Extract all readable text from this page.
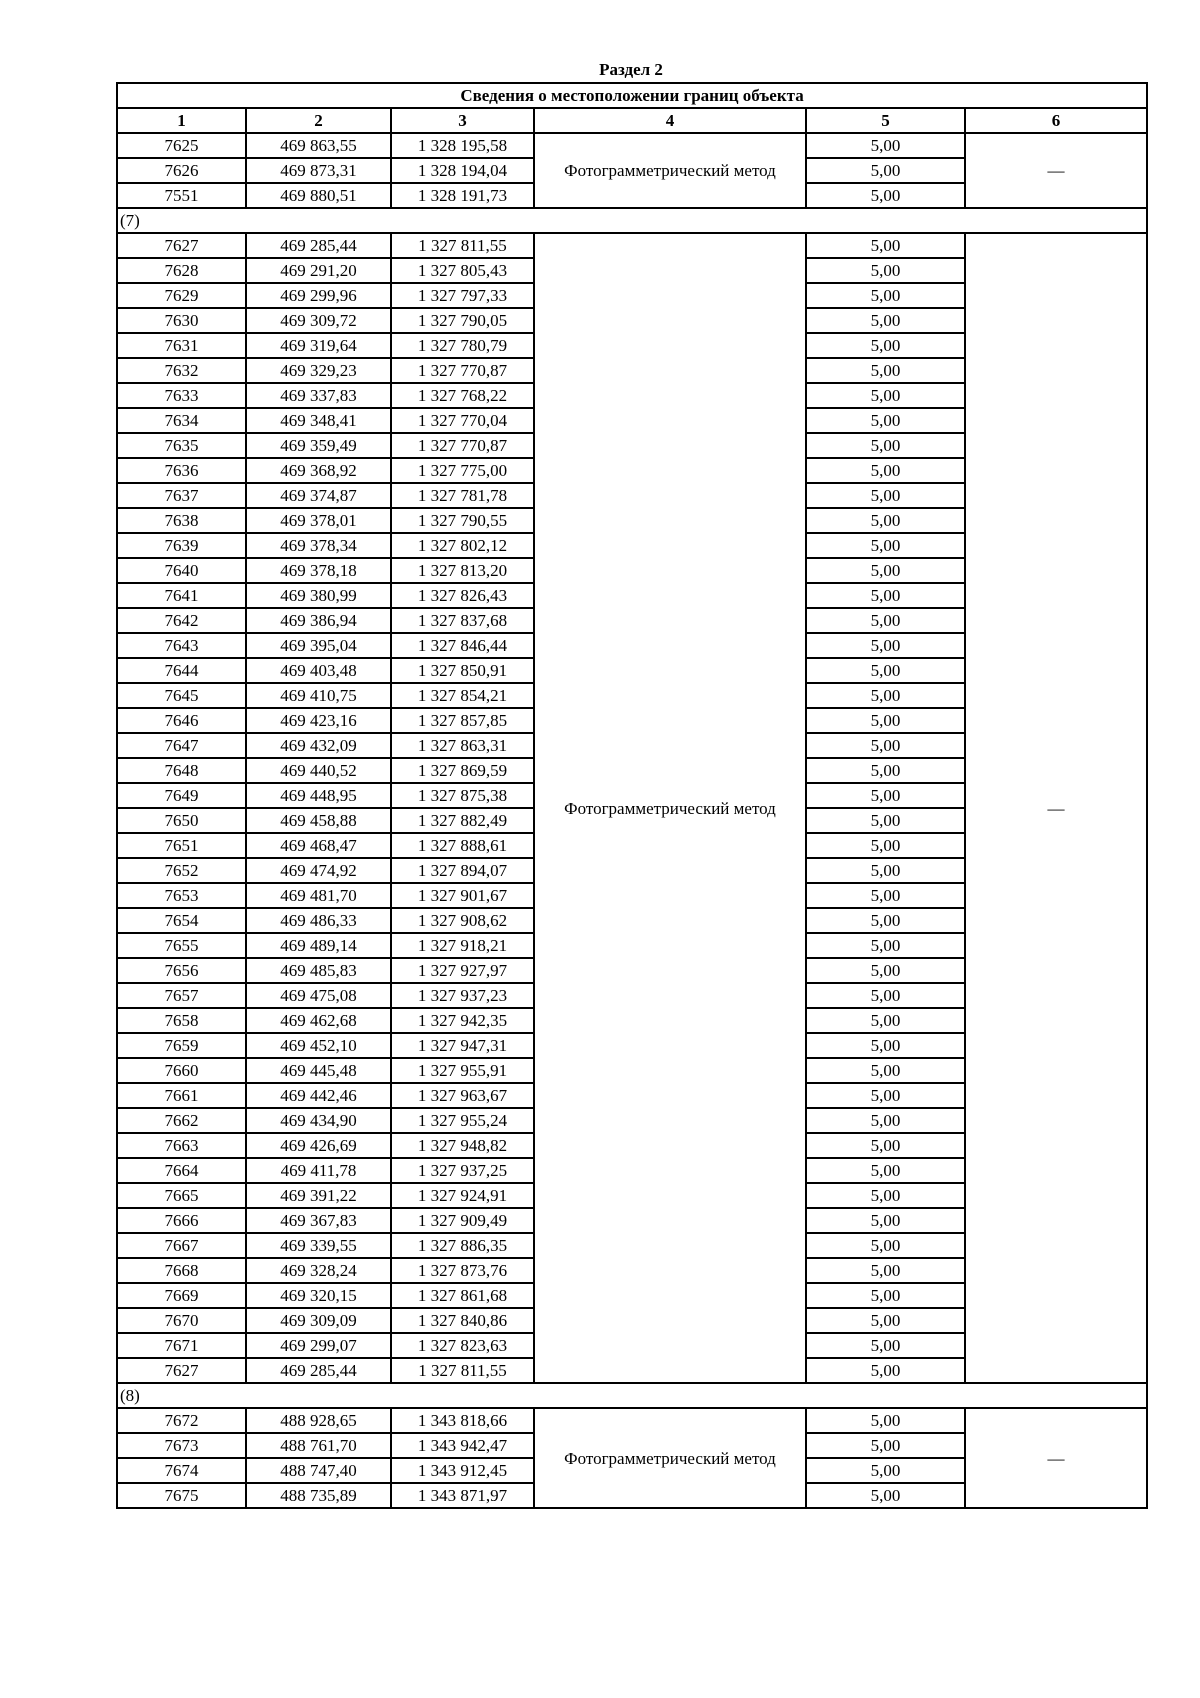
Раздел 2
Сведения о местоположении границ объекта					
1	2	3	4	5	6
7625	469 863,55	1 328 195,58	Фотограмметрический метод	5,00	—
7626	469 873,31	1 328 194,04		5,00	
7551	469 880,51	1 328 191,73		5,00	
(7)					
7627	469 285,44	1 327 811,55	Фотограмметрический метод	5,00	—
7628	469 291,20	1 327 805,43		5,00	
7629	469 299,96	1 327 797,33		5,00	
7630	469 309,72	1 327 790,05		5,00	
7631	469 319,64	1 327 780,79		5,00	
7632	469 329,23	1 327 770,87		5,00	
7633	469 337,83	1 327 768,22		5,00	
7634	469 348,41	1 327 770,04		5,00	
7635	469 359,49	1 327 770,87		5,00	
7636	469 368,92	1 327 775,00		5,00	
7637	469 374,87	1 327 781,78		5,00	
7638	469 378,01	1 327 790,55		5,00	
7639	469 378,34	1 327 802,12		5,00	
7640	469 378,18	1 327 813,20		5,00	
7641	469 380,99	1 327 826,43		5,00	
7642	469 386,94	1 327 837,68		5,00	
7643	469 395,04	1 327 846,44		5,00	
7644	469 403,48	1 327 850,91		5,00	
7645	469 410,75	1 327 854,21		5,00	
7646	469 423,16	1 327 857,85		5,00	
7647	469 432,09	1 327 863,31		5,00	
7648	469 440,52	1 327 869,59		5,00	
7649	469 448,95	1 327 875,38		5,00	
7650	469 458,88	1 327 882,49		5,00	
7651	469 468,47	1 327 888,61		5,00	
7652	469 474,92	1 327 894,07		5,00	
7653	469 481,70	1 327 901,67		5,00	
7654	469 486,33	1 327 908,62		5,00	
7655	469 489,14	1 327 918,21		5,00	
7656	469 485,83	1 327 927,97		5,00	
7657	469 475,08	1 327 937,23		5,00	
7658	469 462,68	1 327 942,35		5,00	
7659	469 452,10	1 327 947,31		5,00	
7660	469 445,48	1 327 955,91		5,00	
7661	469 442,46	1 327 963,67		5,00	
7662	469 434,90	1 327 955,24		5,00	
7663	469 426,69	1 327 948,82		5,00	
7664	469 411,78	1 327 937,25		5,00	
7665	469 391,22	1 327 924,91		5,00	
7666	469 367,83	1 327 909,49		5,00	
7667	469 339,55	1 327 886,35		5,00	
7668	469 328,24	1 327 873,76		5,00	
7669	469 320,15	1 327 861,68		5,00	
7670	469 309,09	1 327 840,86		5,00	
7671	469 299,07	1 327 823,63		5,00	
7627	469 285,44	1 327 811,55		5,00	
(8)					
7672	488 928,65	1 343 818,66	Фотограмметрический метод	5,00	—
7673	488 761,70	1 343 942,47		5,00	
7674	488 747,40	1 343 912,45		5,00	
7675	488 735,89	1 343 871,97		5,00	
